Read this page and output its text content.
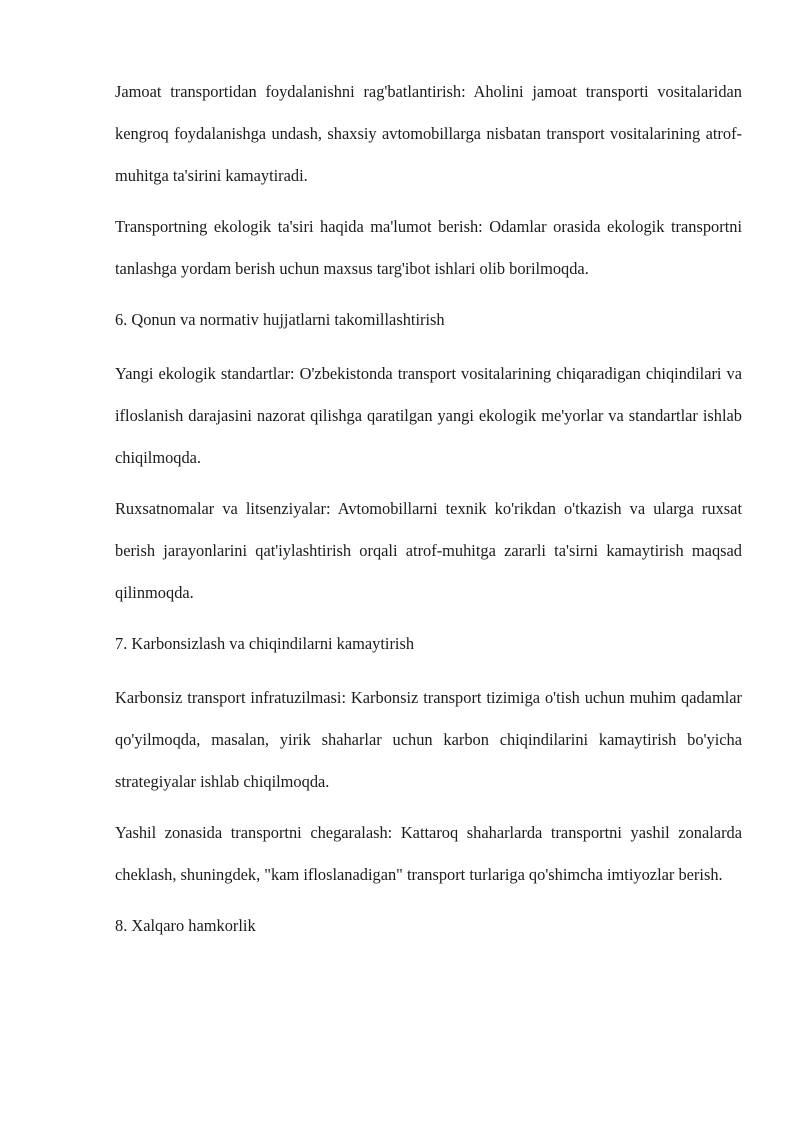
Jamoat transportidan foydalanishni rag'batlantirish: Aholini jamoat transporti vositalaridan kengroq foydalanishga undash, shaxsiy avtomobillarga nisbatan transport vositalarining atrof-muhitga ta'sirini kamaytiradi.

Transportning ekologik ta'siri haqida ma'lumot berish: Odamlar orasida ekologik transportni tanlashga yordam berish uchun maxsus targ'ibot ishlari olib borilmoqda.

6. Qonun va normativ hujjatlarni takomillashtirish

Yangi ekologik standartlar: O'zbekistonda transport vositalarining chiqaradigan chiqindilari va ifloslanish darajasini nazorat qilishga qaratilgan yangi ekologik me'yorlar va standartlar ishlab chiqilmoqda.

Ruxsatnomalar va litsenziyalar: Avtomobillarni texnik ko'rikdan o'tkazish va ularga ruxsat berish jarayonlarini qat'iylashtirish orqali atrof-muhitga zararli ta'sirni kamaytirish maqsad qilinmoqda.

7. Karbonsizlash va chiqindilarni kamaytirish

Karbonsiz transport infratuzilmasi: Karbonsiz transport tizimiga o'tish uchun muhim qadamlar qo'yilmoqda, masalan, yirik shaharlar uchun karbon chiqindilarini kamaytirish bo'yicha strategiyalar ishlab chiqilmoqda.

Yashil zonasida transportni chegaralash: Kattaroq shaharlarda transportni yashil zonalarda cheklash, shuningdek, "kam ifloslanadigan" transport turlariga qo'shimcha imtiyozlar berish.

8. Xalqaro hamkorlik
